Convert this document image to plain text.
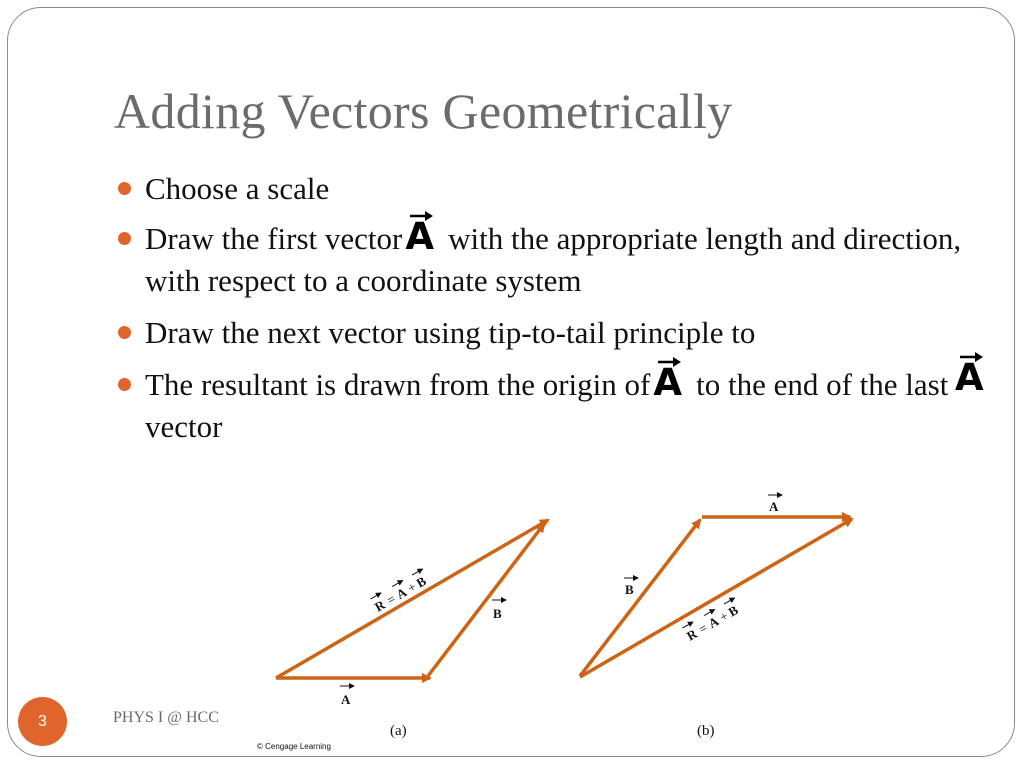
Adding Vectors Geometrically
Choose a scale
Draw the first vector A with the appropriate length and direction, with respect to a coordinate system
Draw the next vector using tip-to-tail principle to
The resultant is drawn from the origin of A to the end of the last vector
A
A
B
R
=
A
+
B
(a)
A
B
R
=
A
+
B
(b)
3	PHYS I @ HCC
© Cengage Learning
